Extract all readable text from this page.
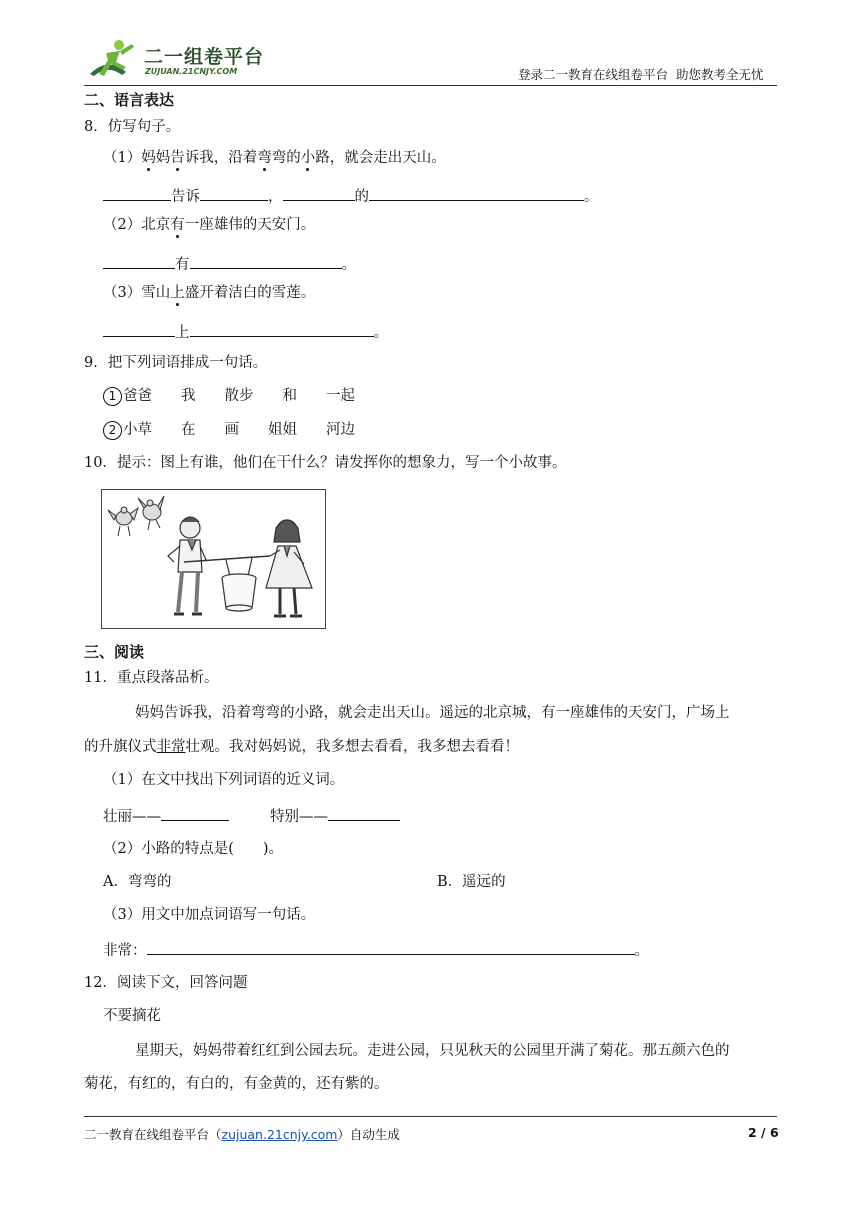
二一组卷平台
ZUJUAN.21CNJY.COM	登录二一教育在线组卷平台  助您教考全无忧
二、语言表达
8．仿写句子。
（1）妈妈告诉我，沿着弯弯的小路，就会走出天山。
告诉	，	的	。
（2）北京有一座雄伟的天安门。
有	。
（3）雪山上盛开着洁白的雪莲。
上	。
9．把下列词语排成一句话。
1 爸爸 我 散步 和 一起
2 小草 在 画 姐姐 河边
10．提示：图上有谁，他们在干什么？请发挥你的想象力，写一个小故事。
三、阅读
11．重点段落品析。
妈妈告诉我，沿着弯弯的小路，就会走出天山。遥远的北京城，有一座雄伟的天安门，广场上
的升旗仪式非常壮观。我对妈妈说，我多想去看看，我多想去看看！
（1）在文中找出下列词语的近义词。
壮丽——	特别——
（2）小路的特点是(　　)。
A．弯弯的	B．遥远的
（3）用文中加点词语写一句话。
非常：	。
12．阅读下文，回答问题
不要摘花
星期天，妈妈带着红红到公园去玩。走进公园，只见秋天的公园里开满了菊花。那五颜六色的
菊花，有红的，有白的，有金黄的，还有紫的。
二一教育在线组卷平台（zujuan.21cnjy.com）自动生成	2 / 6
